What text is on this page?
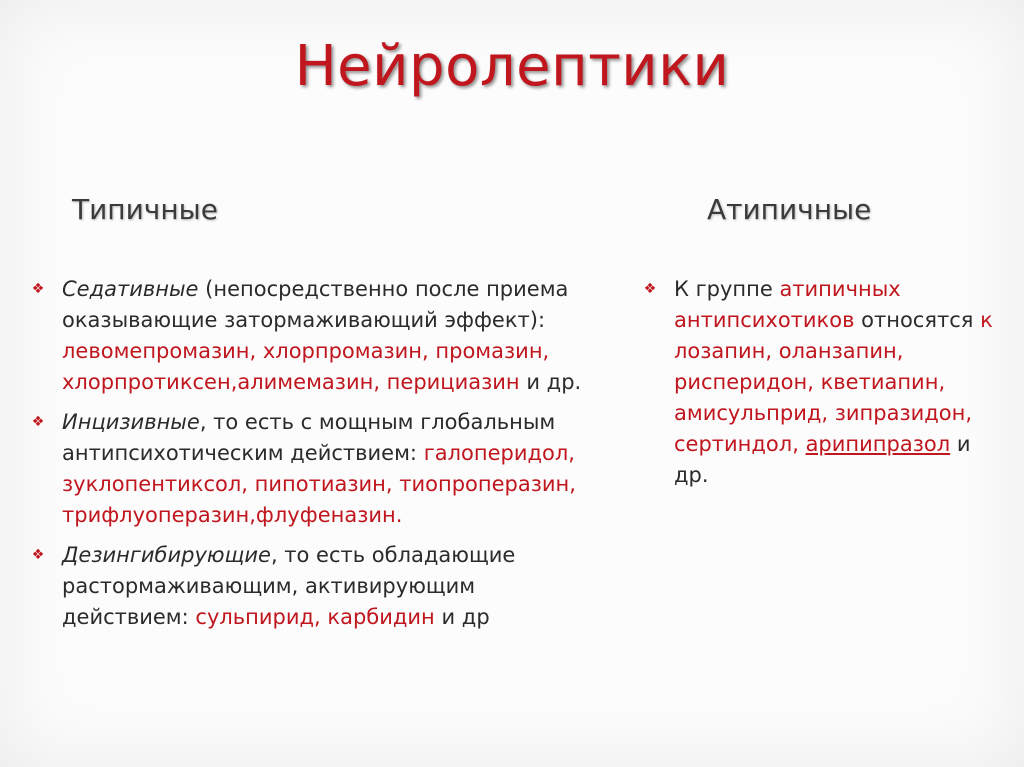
Нейролептики
Типичные	Атипичные
❖
Седативные (непосредственно после приема оказывающие затормаживающий эффект): левомепромазин, хлорпромазин, промазин, хлорпротиксен,алимемазин, перициазин и др.
❖
Инцизивные, то есть с мощным глобальным антипсихотическим действием: галоперидол, зуклопентиксол, пипотиазин, тиопроперазин, трифлуоперазин,флуфеназин.
❖
Дезингибирующие, то есть обладающие растормаживающим, активирующим действием: сульпирид, карбидин и др
❖
К группе атипичных антипсихотиков относятся к лозапин, оланзапин, рисперидон, кветиапин, амисульприд, зипразидон, сертиндол, арипипразол и др.
